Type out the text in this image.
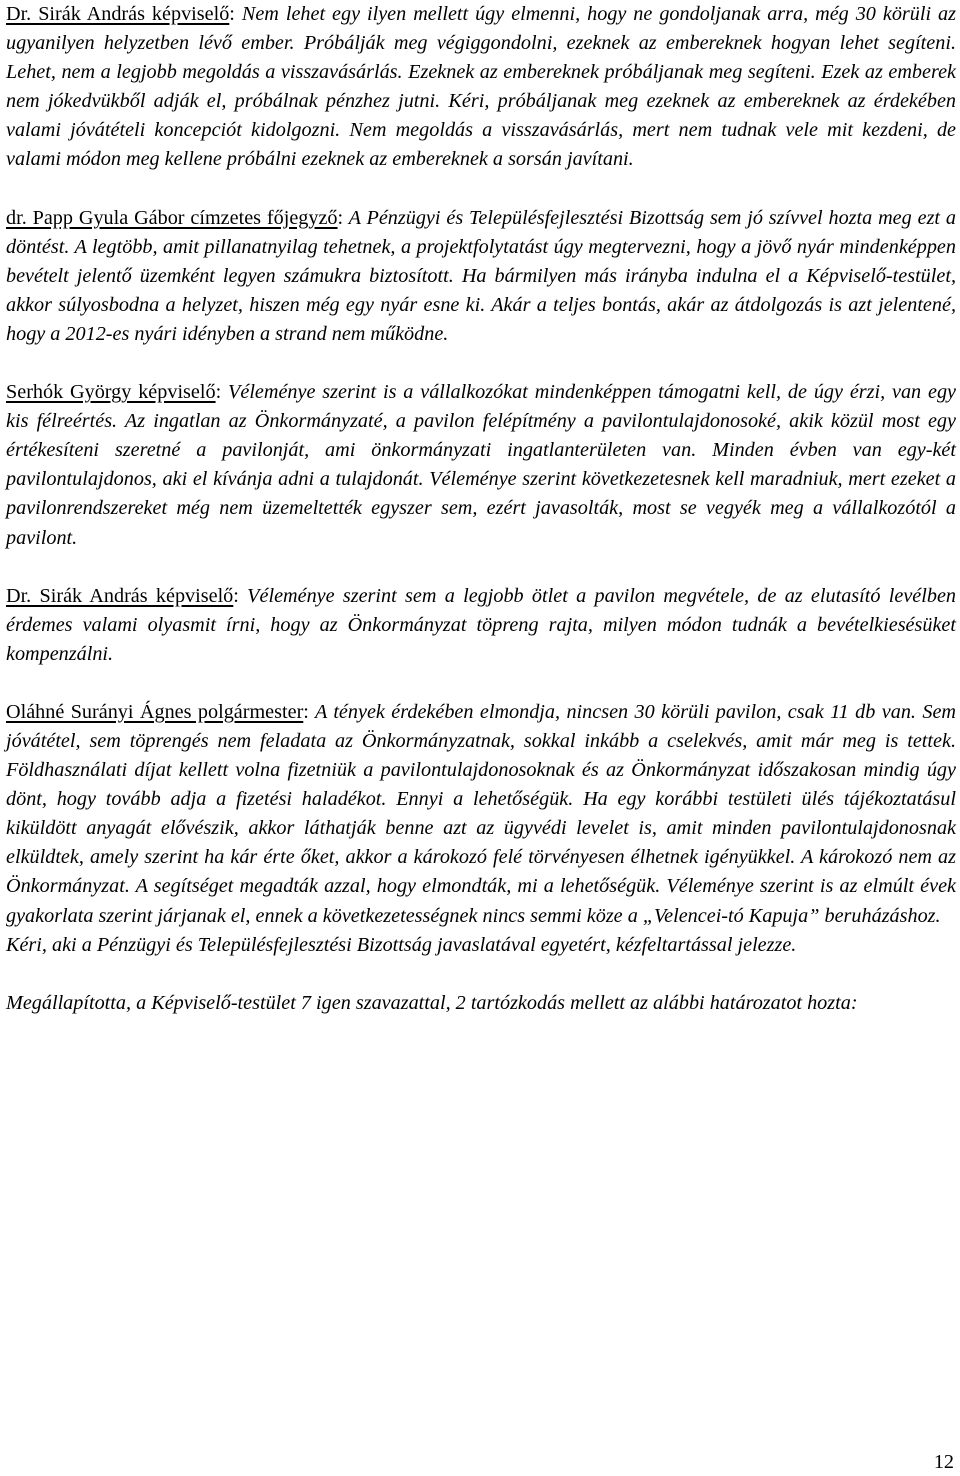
Dr. Sirák András képviselő: Nem lehet egy ilyen mellett úgy elmenni, hogy ne gondoljanak arra, még 30 körüli az ugyanilyen helyzetben lévő ember. Próbálják meg végiggondolni, ezeknek az embereknek hogyan lehet segíteni. Lehet, nem a legjobb megoldás a visszavásárlás. Ezeknek az embereknek próbáljanak meg segíteni. Ezek az emberek nem jókedvükből adják el, próbálnak pénzhez jutni. Kéri, próbáljanak meg ezeknek az embereknek az érdekében valami jóvátételi koncepciót kidolgozni. Nem megoldás a visszavásárlás, mert nem tudnak vele mit kezdeni, de valami módon meg kellene próbálni ezeknek az embereknek a sorsán javítani.

dr. Papp Gyula Gábor címzetes főjegyző: A Pénzügyi és Településfejlesztési Bizottság sem jó szívvel hozta meg ezt a döntést. A legtöbb, amit pillanatnyilag tehetnek, a projektfolytatást úgy megtervezni, hogy a jövő nyár mindenképpen bevételt jelentő üzemként legyen számukra biztosított. Ha bármilyen más irányba indulna el a Képviselő-testület, akkor súlyosbodna a helyzet, hiszen még egy nyár esne ki. Akár a teljes bontás, akár az átdolgozás is azt jelentené, hogy a 2012-es nyári idényben a strand nem működne.

Serhók György képviselő: Véleménye szerint is a vállalkozókat mindenképpen támogatni kell, de úgy érzi, van egy kis félreértés. Az ingatlan az Önkormányzaté, a pavilon felépítmény a pavilontulajdonosoké, akik közül most egy értékesíteni szeretné a pavilonját, ami önkormányzati ingatlanterületen van. Minden évben van egy-két pavilontulajdonos, aki el kívánja adni a tulajdonát. Véleménye szerint következetesnek kell maradniuk, mert ezeket a pavilonrendszereket még nem üzemeltették egyszer sem, ezért javasolták, most se vegyék meg a vállalkozótól a pavilont.

Dr. Sirák András képviselő: Véleménye szerint sem a legjobb ötlet a pavilon megvétele, de az elutasító levélben érdemes valami olyasmit írni, hogy az Önkormányzat töpreng rajta, milyen módon tudnák a bevételkiesésüket kompenzálni.

Oláhné Surányi Ágnes polgármester: A tények érdekében elmondja, nincsen 30 körüli pavilon, csak 11 db van. Sem jóvátétel, sem töprengés nem feladata az Önkormányzatnak, sokkal inkább a cselekvés, amit már meg is tettek. Földhasználati díjat kellett volna fizetniük a pavilontulajdonosoknak és az Önkormányzat időszakosan mindig úgy dönt, hogy tovább adja a fizetési haladékot. Ennyi a lehetőségük. Ha egy korábbi testületi ülés tájékoztatásul kiküldött anyagát elővészik, akkor láthatják benne azt az ügyvédi levelet is, amit minden pavilontulajdonosnak elküldtek, amely szerint ha kár érte őket, akkor a károkozó felé törvényesen élhetnek igényükkel. A károkozó nem az Önkormányzat. A segítséget megadták azzal, hogy elmondták, mi a lehetőségük. Véleménye szerint is az elmúlt évek gyakorlata szerint járjanak el, ennek a következetességnek nincs semmi köze a „Velencei-tó Kapuja” beruházáshoz.

Kéri, aki a Pénzügyi és Településfejlesztési Bizottság javaslatával egyetért, kézfeltartással jelezze.

Megállapította, a Képviselő-testület 7 igen szavazattal, 2 tartózkodás mellett az alábbi határozatot hozta:

12
